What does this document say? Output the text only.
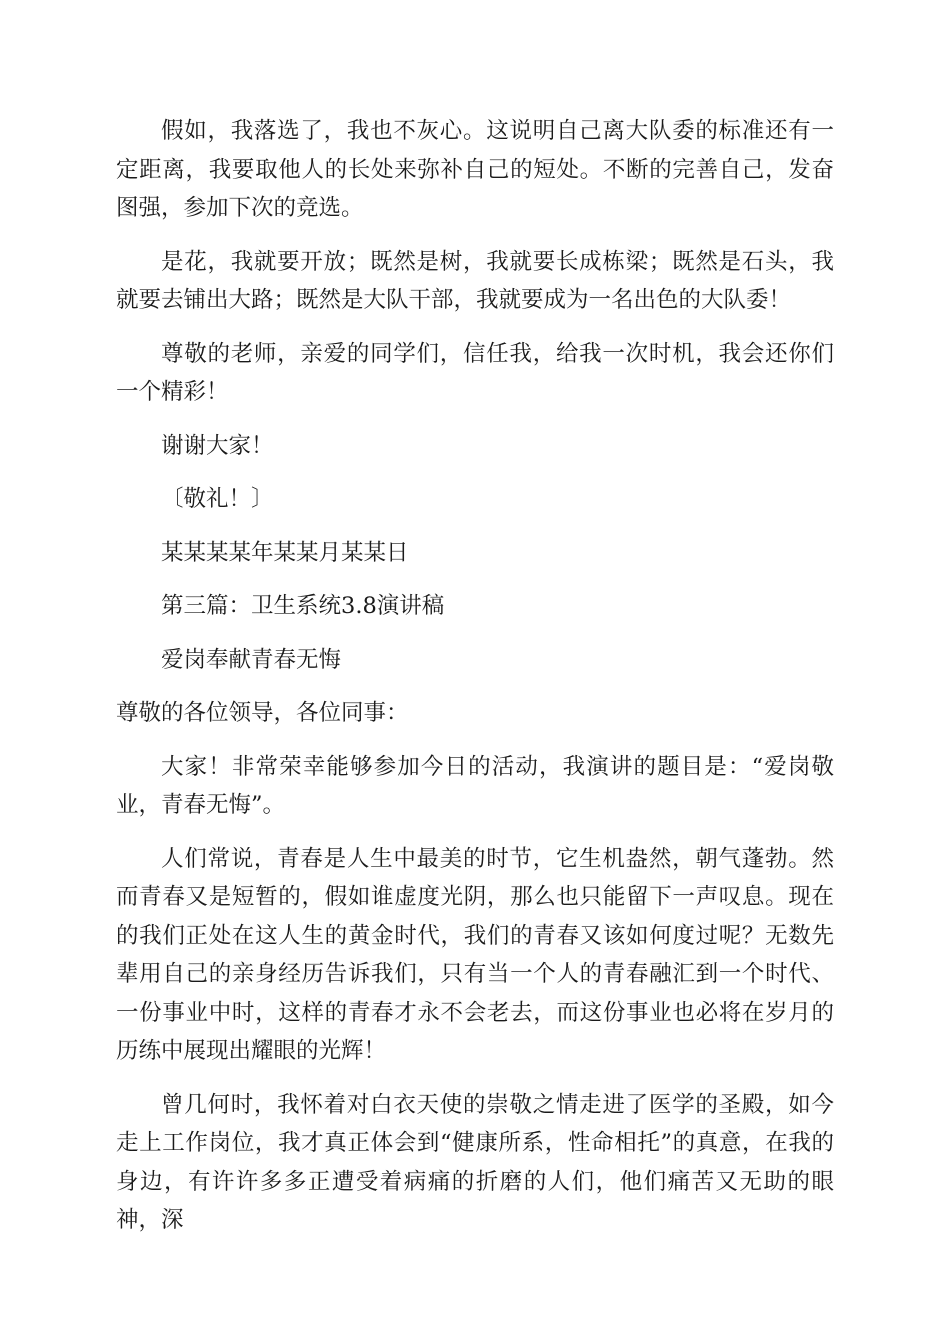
假如，我落选了，我也不灰心。这说明自己离大队委的标准还有一定距离，我要取他人的长处来弥补自己的短处。不断的完善自己，发奋图强，参加下次的竞选。

是花，我就要开放；既然是树，我就要长成栋梁；既然是石头，我就要去铺出大路；既然是大队干部，我就要成为一名出色的大队委！

尊敬的老师，亲爱的同学们，信任我，给我一次时机，我会还你们一个精彩！

谢谢大家！

〔敬礼！〕

某某某某年某某月某某日

第三篇：卫生系统3.8演讲稿

爱岗奉献青春无悔

尊敬的各位领导，各位同事：

大家！非常荣幸能够参加今日的活动，我演讲的题目是：“爱岗敬业，青春无悔”。

人们常说，青春是人生中最美的时节，它生机盎然，朝气蓬勃。然而青春又是短暂的，假如谁虚度光阴，那么也只能留下一声叹息。现在的我们正处在这人生的黄金时代，我们的青春又该如何度过呢？无数先辈用自己的亲身经历告诉我们，只有当一个人的青春融汇到一个时代、一份事业中时，这样的青春才永不会老去，而这份事业也必将在岁月的历练中展现出耀眼的光辉！

曾几何时，我怀着对白衣天使的崇敬之情走进了医学的圣殿，如今走上工作岗位，我才真正体会到“健康所系，性命相托”的真意，在我的身边，有许许多多正遭受着病痛的折磨的人们，他们痛苦又无助的眼神，深
